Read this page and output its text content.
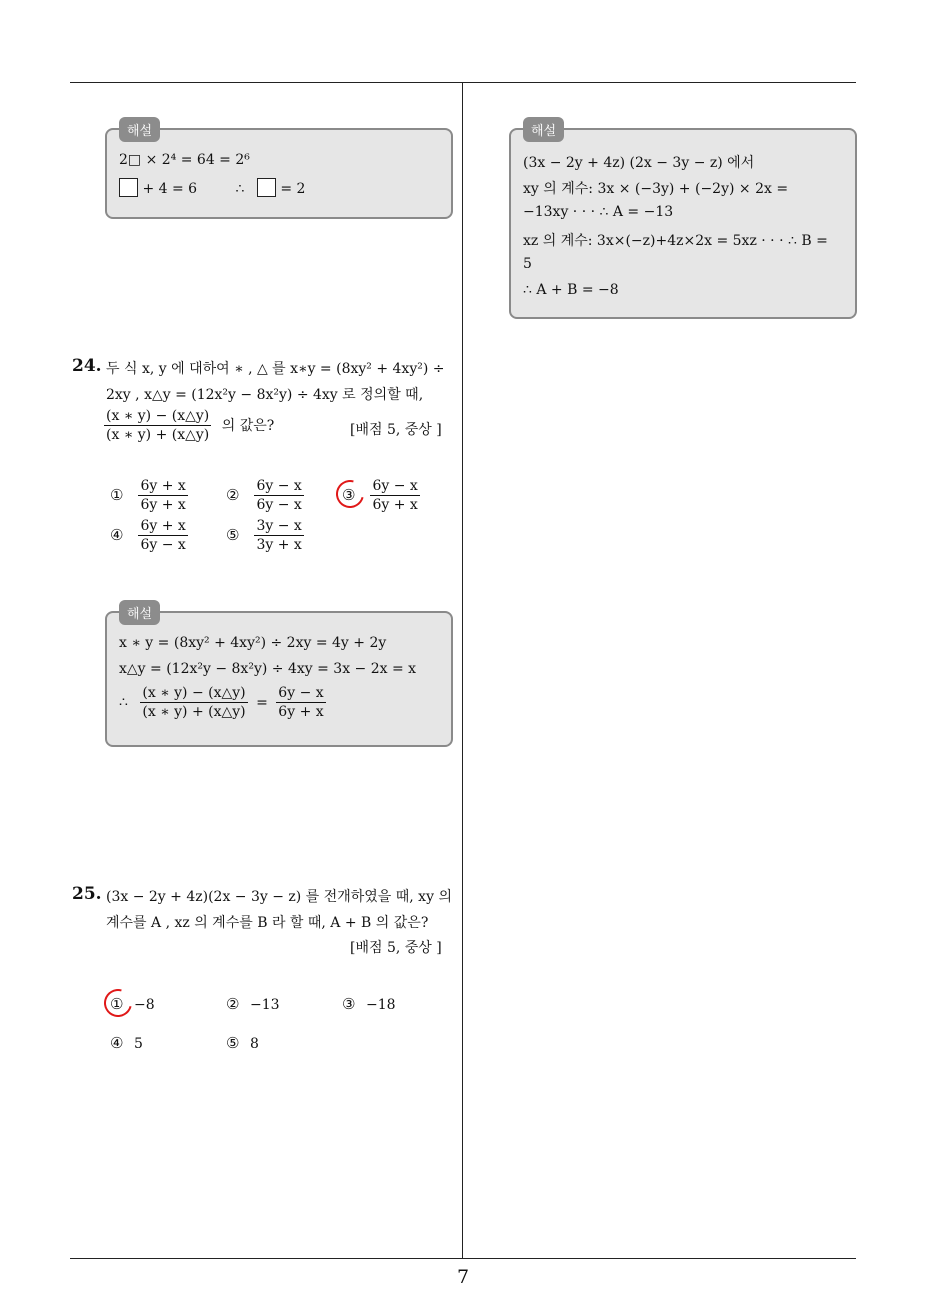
해설
2□ × 2⁴ = 64 = 2⁶
+ 4 = 6	∴	= 2
24. 두 식 x, y 에 대하여 ∗ , △ 를 x∗y = (8xy² + 4xy²) ÷
2xy , x△y = (12x²y − 8x²y) ÷ 4xy 로 정의할 때,
$\frac{(x ∗ y) - (x\triangle y)}{(x ∗ y) + (x\triangle y)}$ 의 값은?	[배점 5, 중상 ]
① $\frac{6y + x}{6y + x}$	② $\frac{6y - x}{6y - x}$	③ $\frac{6y - x}{6y + x}$
④ $\frac{6y + x}{6y - x}$	⑤ $\frac{3y - x}{3y + x}$
해설
x ∗ y = (8xy² + 4xy²) ÷ 2xy = 4y + 2y
x△y = (12x²y − 8x²y) ÷ 4xy = 3x − 2x = x
∴ $\frac{(x ∗ y) - (x\triangle y)}{(x ∗ y) + (x\triangle y)} = \frac{6y - x}{6y + x}$
25. (3x − 2y + 4z)(2x − 3y − z) 를 전개하였을 때, xy 의
계수를 A , xz 의 계수를 B 라 할 때, A + B 의 값은?
[배점 5, 중상 ]
① −8	② −13	③ −18
④ 5	⑤ 8
해설
(3x − 2y + 4z) (2x − 3y − z) 에서
xy 의 계수: 3x × (−3y) + (−2y) × 2x =
−13xy · · · ∴ A = −13
xz 의 계수: 3x×(−z)+4z×2x = 5xz · · · ∴ B =
5
∴ A + B = −8
7
